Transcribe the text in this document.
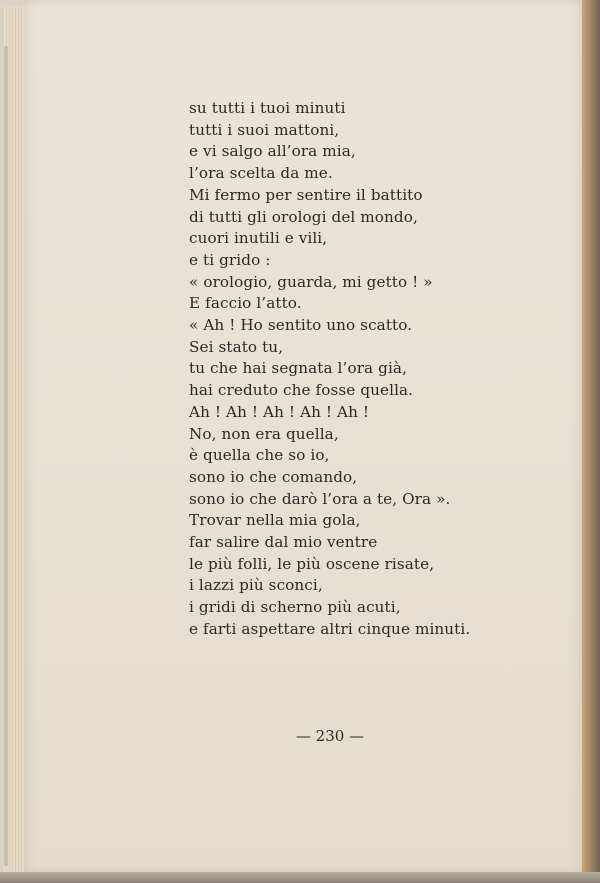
su tutti i tuoi minuti
tutti i suoi mattoni,
e vi salgo all’ora mia,
l’ora scelta da me.
Mi fermo per sentire il battito
di tutti gli orologi del mondo,
cuori inutili e vili,
e ti grido :
« orologio, guarda, mi getto ! »
E faccio l’atto.
« Ah ! Ho sentito uno scatto.
Sei stato tu,
tu che hai segnata l’ora già,
hai creduto che fosse quella.
Ah ! Ah ! Ah ! Ah ! Ah !
No, non era quella,
è quella che so io,
sono io che comando,
sono io che darò l’ora a te, Ora ».
Trovar nella mia gola,
far salire dal mio ventre
le più folli, le più oscene risate,
i lazzi più sconci,
i gridi di scherno più acuti,
e farti aspettare altri cinque minuti.
— 230 —
